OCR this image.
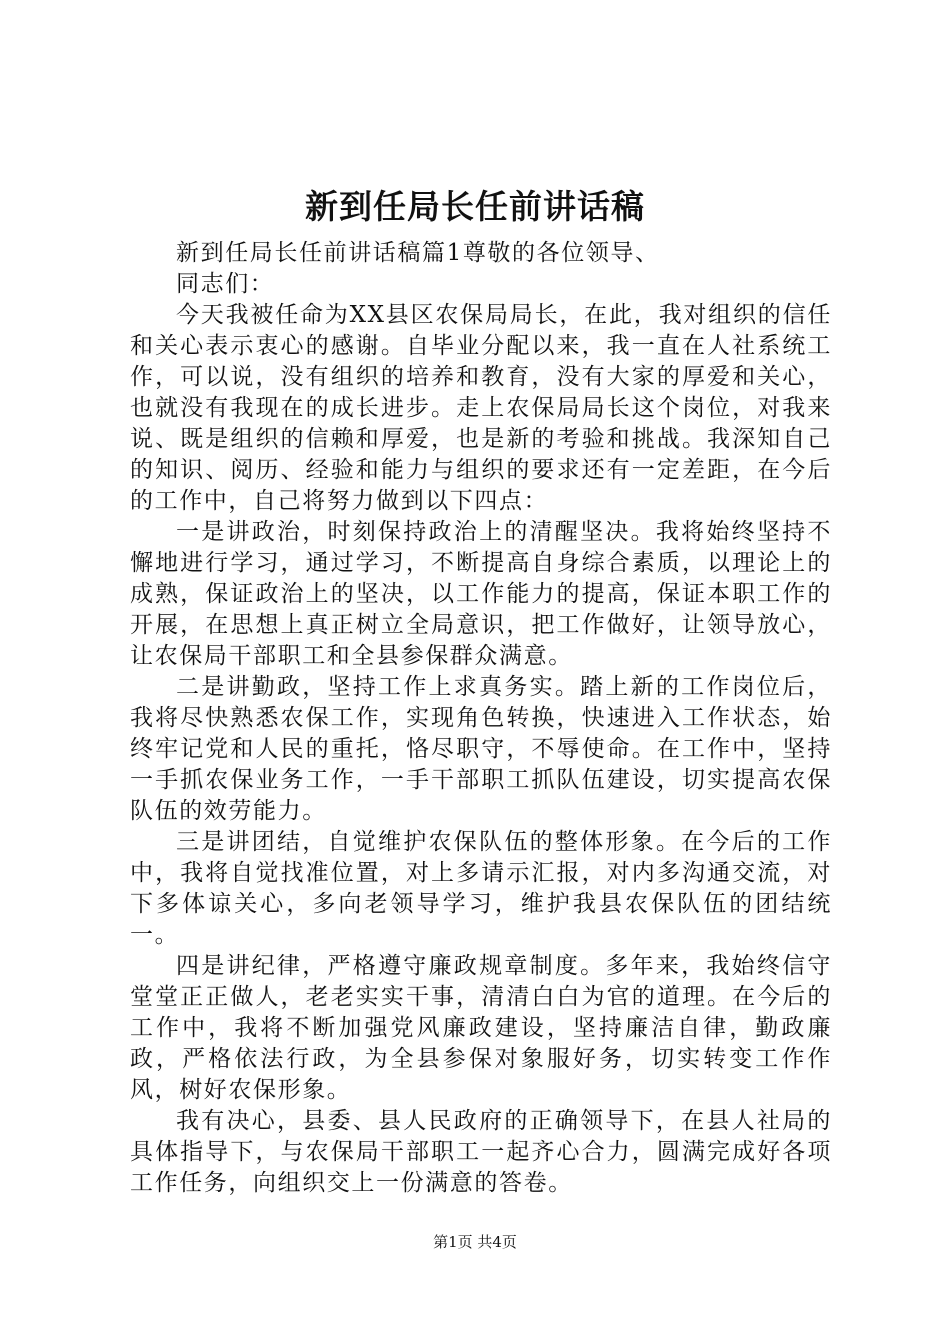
新到任局长任前讲话稿

新到任局长任前讲话稿篇1尊敬的各位领导、

同志们：

今天我被任命为XX县区农保局局长，在此，我对组织的信任和关心表示衷心的感谢。自毕业分配以来，我一直在人社系统工作，可以说，没有组织的培养和教育，没有大家的厚爱和关心，也就没有我现在的成长进步。走上农保局局长这个岗位，对我来说、既是组织的信赖和厚爱，也是新的考验和挑战。我深知自己的知识、阅历、经验和能力与组织的要求还有一定差距，在今后的工作中，自己将努力做到以下四点：

一是讲政治，时刻保持政治上的清醒坚决。我将始终坚持不懈地进行学习，通过学习，不断提高自身综合素质，以理论上的成熟，保证政治上的坚决，以工作能力的提高，保证本职工作的开展，在思想上真正树立全局意识，把工作做好，让领导放心，让农保局干部职工和全县参保群众满意。

二是讲勤政，坚持工作上求真务实。踏上新的工作岗位后，我将尽快熟悉农保工作，实现角色转换，快速进入工作状态，始终牢记党和人民的重托，恪尽职守，不辱使命。在工作中，坚持一手抓农保业务工作，一手干部职工抓队伍建设，切实提高农保队伍的效劳能力。

三是讲团结，自觉维护农保队伍的整体形象。在今后的工作中，我将自觉找准位置，对上多请示汇报，对内多沟通交流，对下多体谅关心，多向老领导学习，维护我县农保队伍的团结统一。

四是讲纪律，严格遵守廉政规章制度。多年来，我始终信守堂堂正正做人，老老实实干事，清清白白为官的道理。在今后的工作中，我将不断加强党风廉政建设，坚持廉洁自律，勤政廉政，严格依法行政，为全县参保对象服好务，切实转变工作作风，树好农保形象。

我有决心，县委、县人民政府的正确领导下，在县人社局的具体指导下，与农保局干部职工一起齐心合力，圆满完成好各项工作任务，向组织交上一份满意的答卷。

第1页 共4页
